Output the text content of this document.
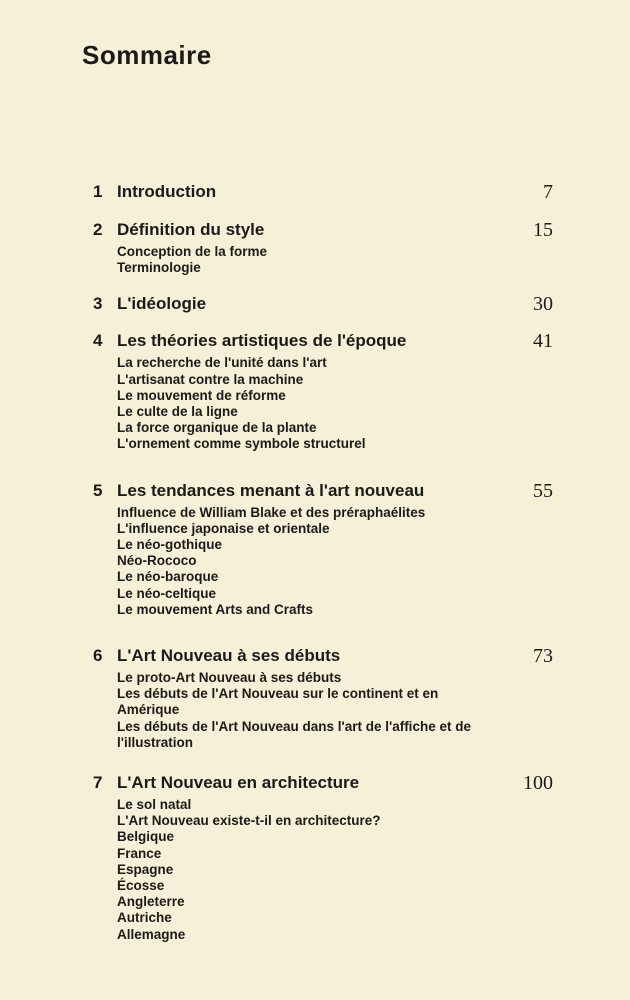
Sommaire
1 Introduction	7
2 Définition du style	15
Conception de la forme
Terminologie
3 L'idéologie	30
4 Les théories artistiques de l'époque	41
La recherche de l'unité dans l'art
L'artisanat contre la machine
Le mouvement de réforme
Le culte de la ligne
La force organique de la plante
L'ornement comme symbole structurel
5 Les tendances menant à l'art nouveau	55
Influence de William Blake et des préraphaélites
L'influence japonaise et orientale
Le néo-gothique
Néo-Rococo
Le néo-baroque
Le néo-celtique
Le mouvement Arts and Crafts
6 L'Art Nouveau à ses débuts	73
Le proto-Art Nouveau à ses débuts
Les débuts de l'Art Nouveau sur le continent et en Amérique
Les débuts de l'Art Nouveau dans l'art de l'affiche et de l'illustration
7 L'Art Nouveau en architecture	100
Le sol natal
L'Art Nouveau existe-t-il en architecture?
Belgique
France
Espagne
Écosse
Angleterre
Autriche
Allemagne
